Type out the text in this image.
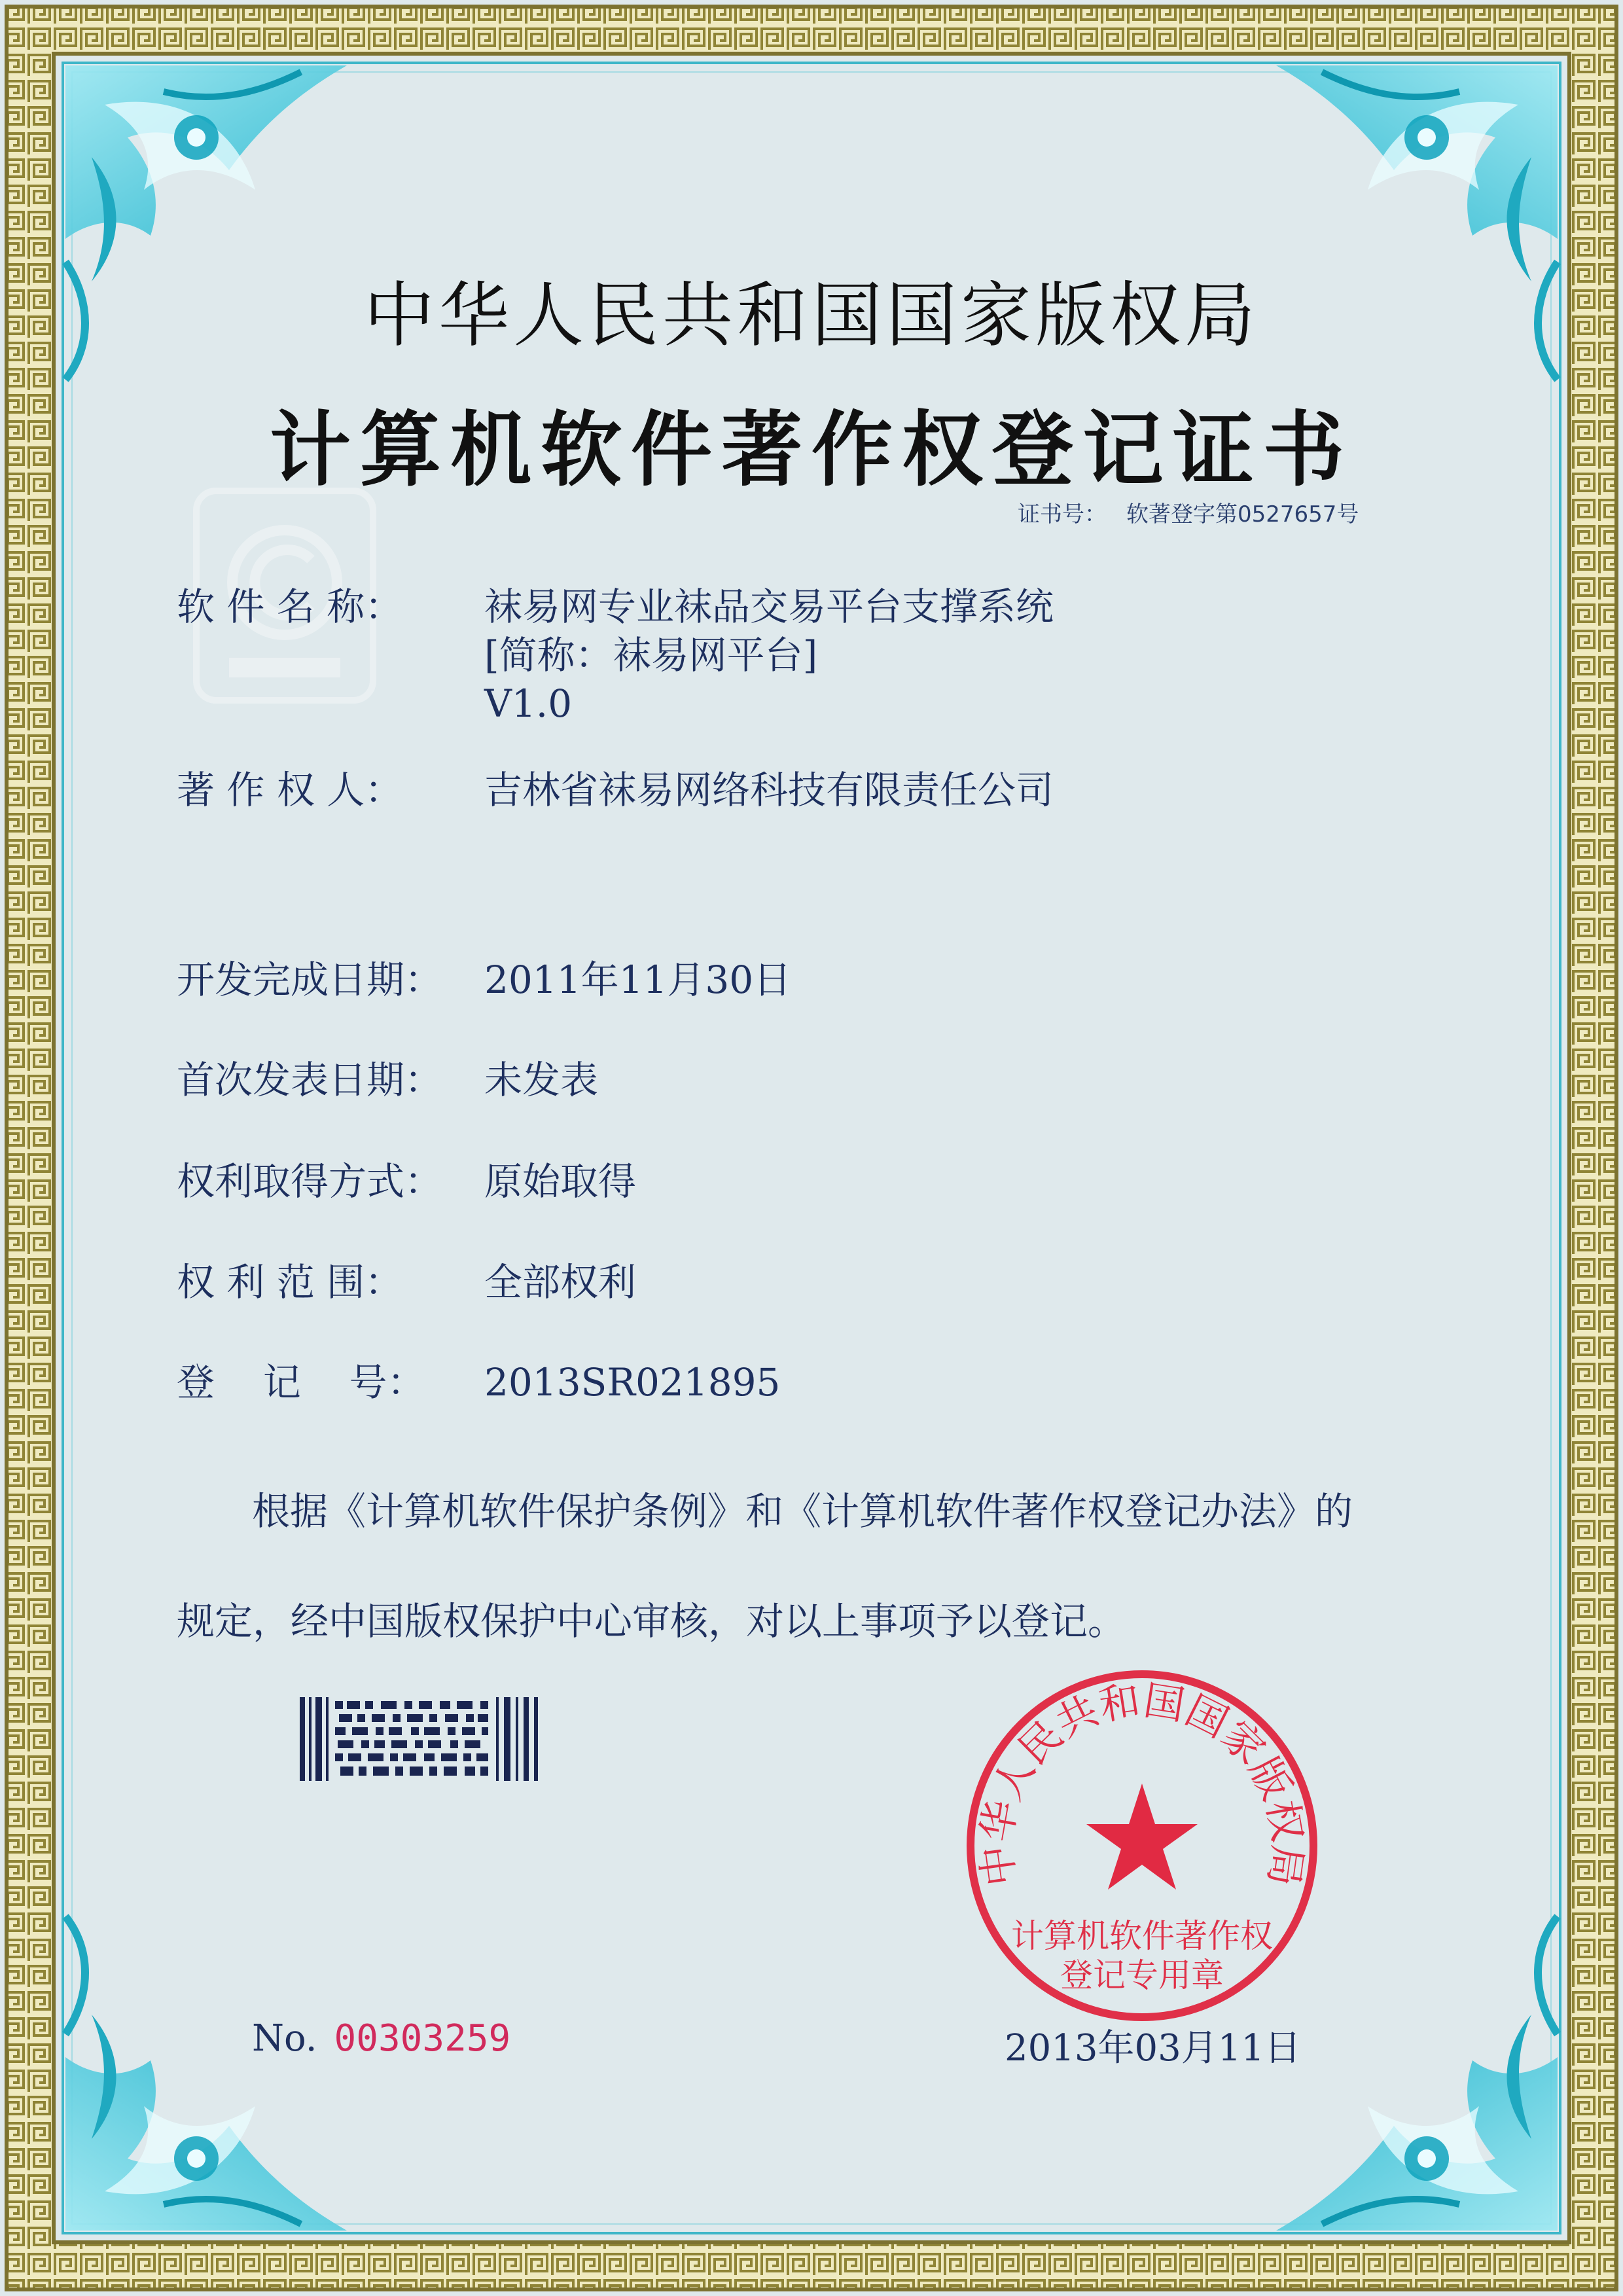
中华人民共和国国家版权局
计算机软件著作权登记证书
证书号： 软著登字第0527657号
软 件 名 称：	袜易网专业袜品交易平台支撑系统
[简称：袜易网平台]
V1.0
著 作 权 人：	吉林省袜易网络科技有限责任公司
开发完成日期：	2011年11月30日
首次发表日期：	未发表
权利取得方式：	原始取得
权 利 范 围：	全部权利
登    记    号：	2013SR021895
根据《计算机软件保护条例》和《计算机软件著作权登记办法》的
规定，经中国版权保护中心审核，对以上事项予以登记。
No. 00303259	2013年03月11日
中华人民共和国国家版权局
计算机软件著作权
登记专用章
